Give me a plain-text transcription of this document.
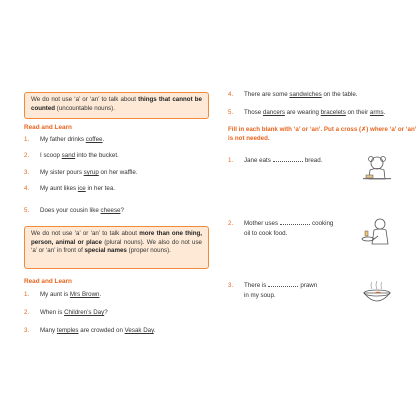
We do not use ‘a’ or ‘an’ to talk about things that cannot be counted (uncountable nouns).
Read and Learn
1. My father drinks coffee.
2. I scoop sand into the bucket.
3. My sister pours syrup on her waffle.
4. My aunt likes ice in her tea.
5. Does your cousin like cheese?
We do not use ‘a’ or ‘an’ to talk about more than one thing, person, animal or place (plural nouns). We also do not use ‘a’ or ‘an’ in front of special names (proper nouns).
Read and Learn
1. My aunt is Mrs Brown.
2. When is Children’s Day?
3. Many temples are crowded on Vesak Day.
4. There are some sandwiches on the table.
5. Those dancers are wearing bracelets on their arms.
Fill in each blank with ‘a’ or ‘an’. Put a cross (✗) where ‘a’ or ‘an’ is not needed.
1. Jane eats	bread.
2. Mother uses	cooking
oil to cook food.
3. There is	prawn
in my soup.
